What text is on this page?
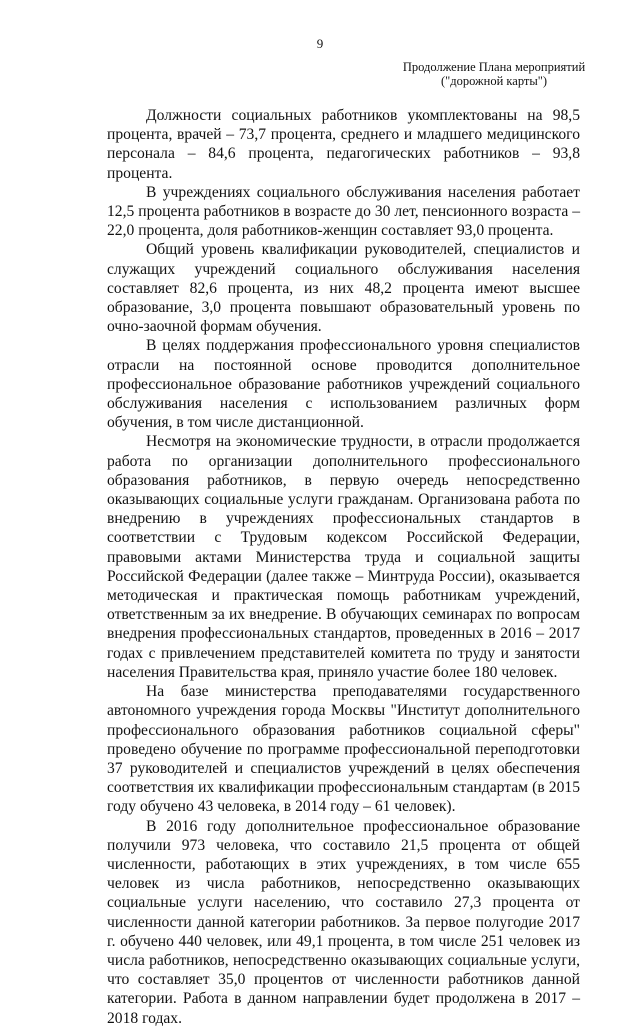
9
Продолжение Плана мероприятий
("дорожной карты")

Должности социальных работников укомплектованы на 98,5 процента, врачей – 73,7 процента, среднего и младшего медицинского персонала – 84,6 процента, педагогических работников – 93,8 процента.

В учреждениях социального обслуживания населения работает 12,5 процента работников в возрасте до 30 лет, пенсионного возраста – 22,0 процента, доля работников-женщин составляет 93,0 процента.

Общий уровень квалификации руководителей, специалистов и служащих учреждений социального обслуживания населения составляет 82,6 процента, из них 48,2 процента имеют высшее образование, 3,0 процента повышают образовательный уровень по очно-заочной формам обучения.

В целях поддержания профессионального уровня специалистов отрасли на постоянной основе проводится дополнительное профессиональное образование работников учреждений социального обслуживания населения с использованием различных форм обучения, в том числе дистанционной.

Несмотря на экономические трудности, в отрасли продолжается работа по организации дополнительного профессионального образования работников, в первую очередь непосредственно оказывающих социальные услуги гражданам. Организована работа по внедрению в учреждениях профессиональных стандартов в соответствии с Трудовым кодексом Российской Федерации, правовыми актами Министерства труда и социальной защиты Российской Федерации (далее также – Минтруда России), оказывается методическая и практическая помощь работникам учреждений, ответственным за их внедрение. В обучающих семинарах по вопросам внедрения профессиональных стандартов, проведенных в 2016 – 2017 годах с привлечением представителей комитета по труду и занятости населения Правительства края, приняло участие более 180 человек.

На базе министерства преподавателями государственного автономного учреждения города Москвы "Институт дополнительного профессионального образования работников социальной сферы" проведено обучение по программе профессиональной переподготовки 37 руководителей и специалистов учреждений в целях обеспечения соответствия их квалификации профессиональным стандартам (в 2015 году обучено 43 человека, в 2014 году – 61 человек).

В 2016 году дополнительное профессиональное образование получили 973 человека, что составило 21,5 процента от общей численности, работающих в этих учреждениях, в том числе 655 человек из числа работников, непосредственно оказывающих социальные услуги населению, что составило 27,3 процента от численности данной категории работников. За первое полугодие 2017 г. обучено 440 человек, или 49,1 процента, в том числе 251 человек из числа работников, непосредственно оказывающих социальные услуги, что составляет 35,0 процентов от численности работников данной категории. Работа в данном направлении будет продолжена в 2017 – 2018 годах.
